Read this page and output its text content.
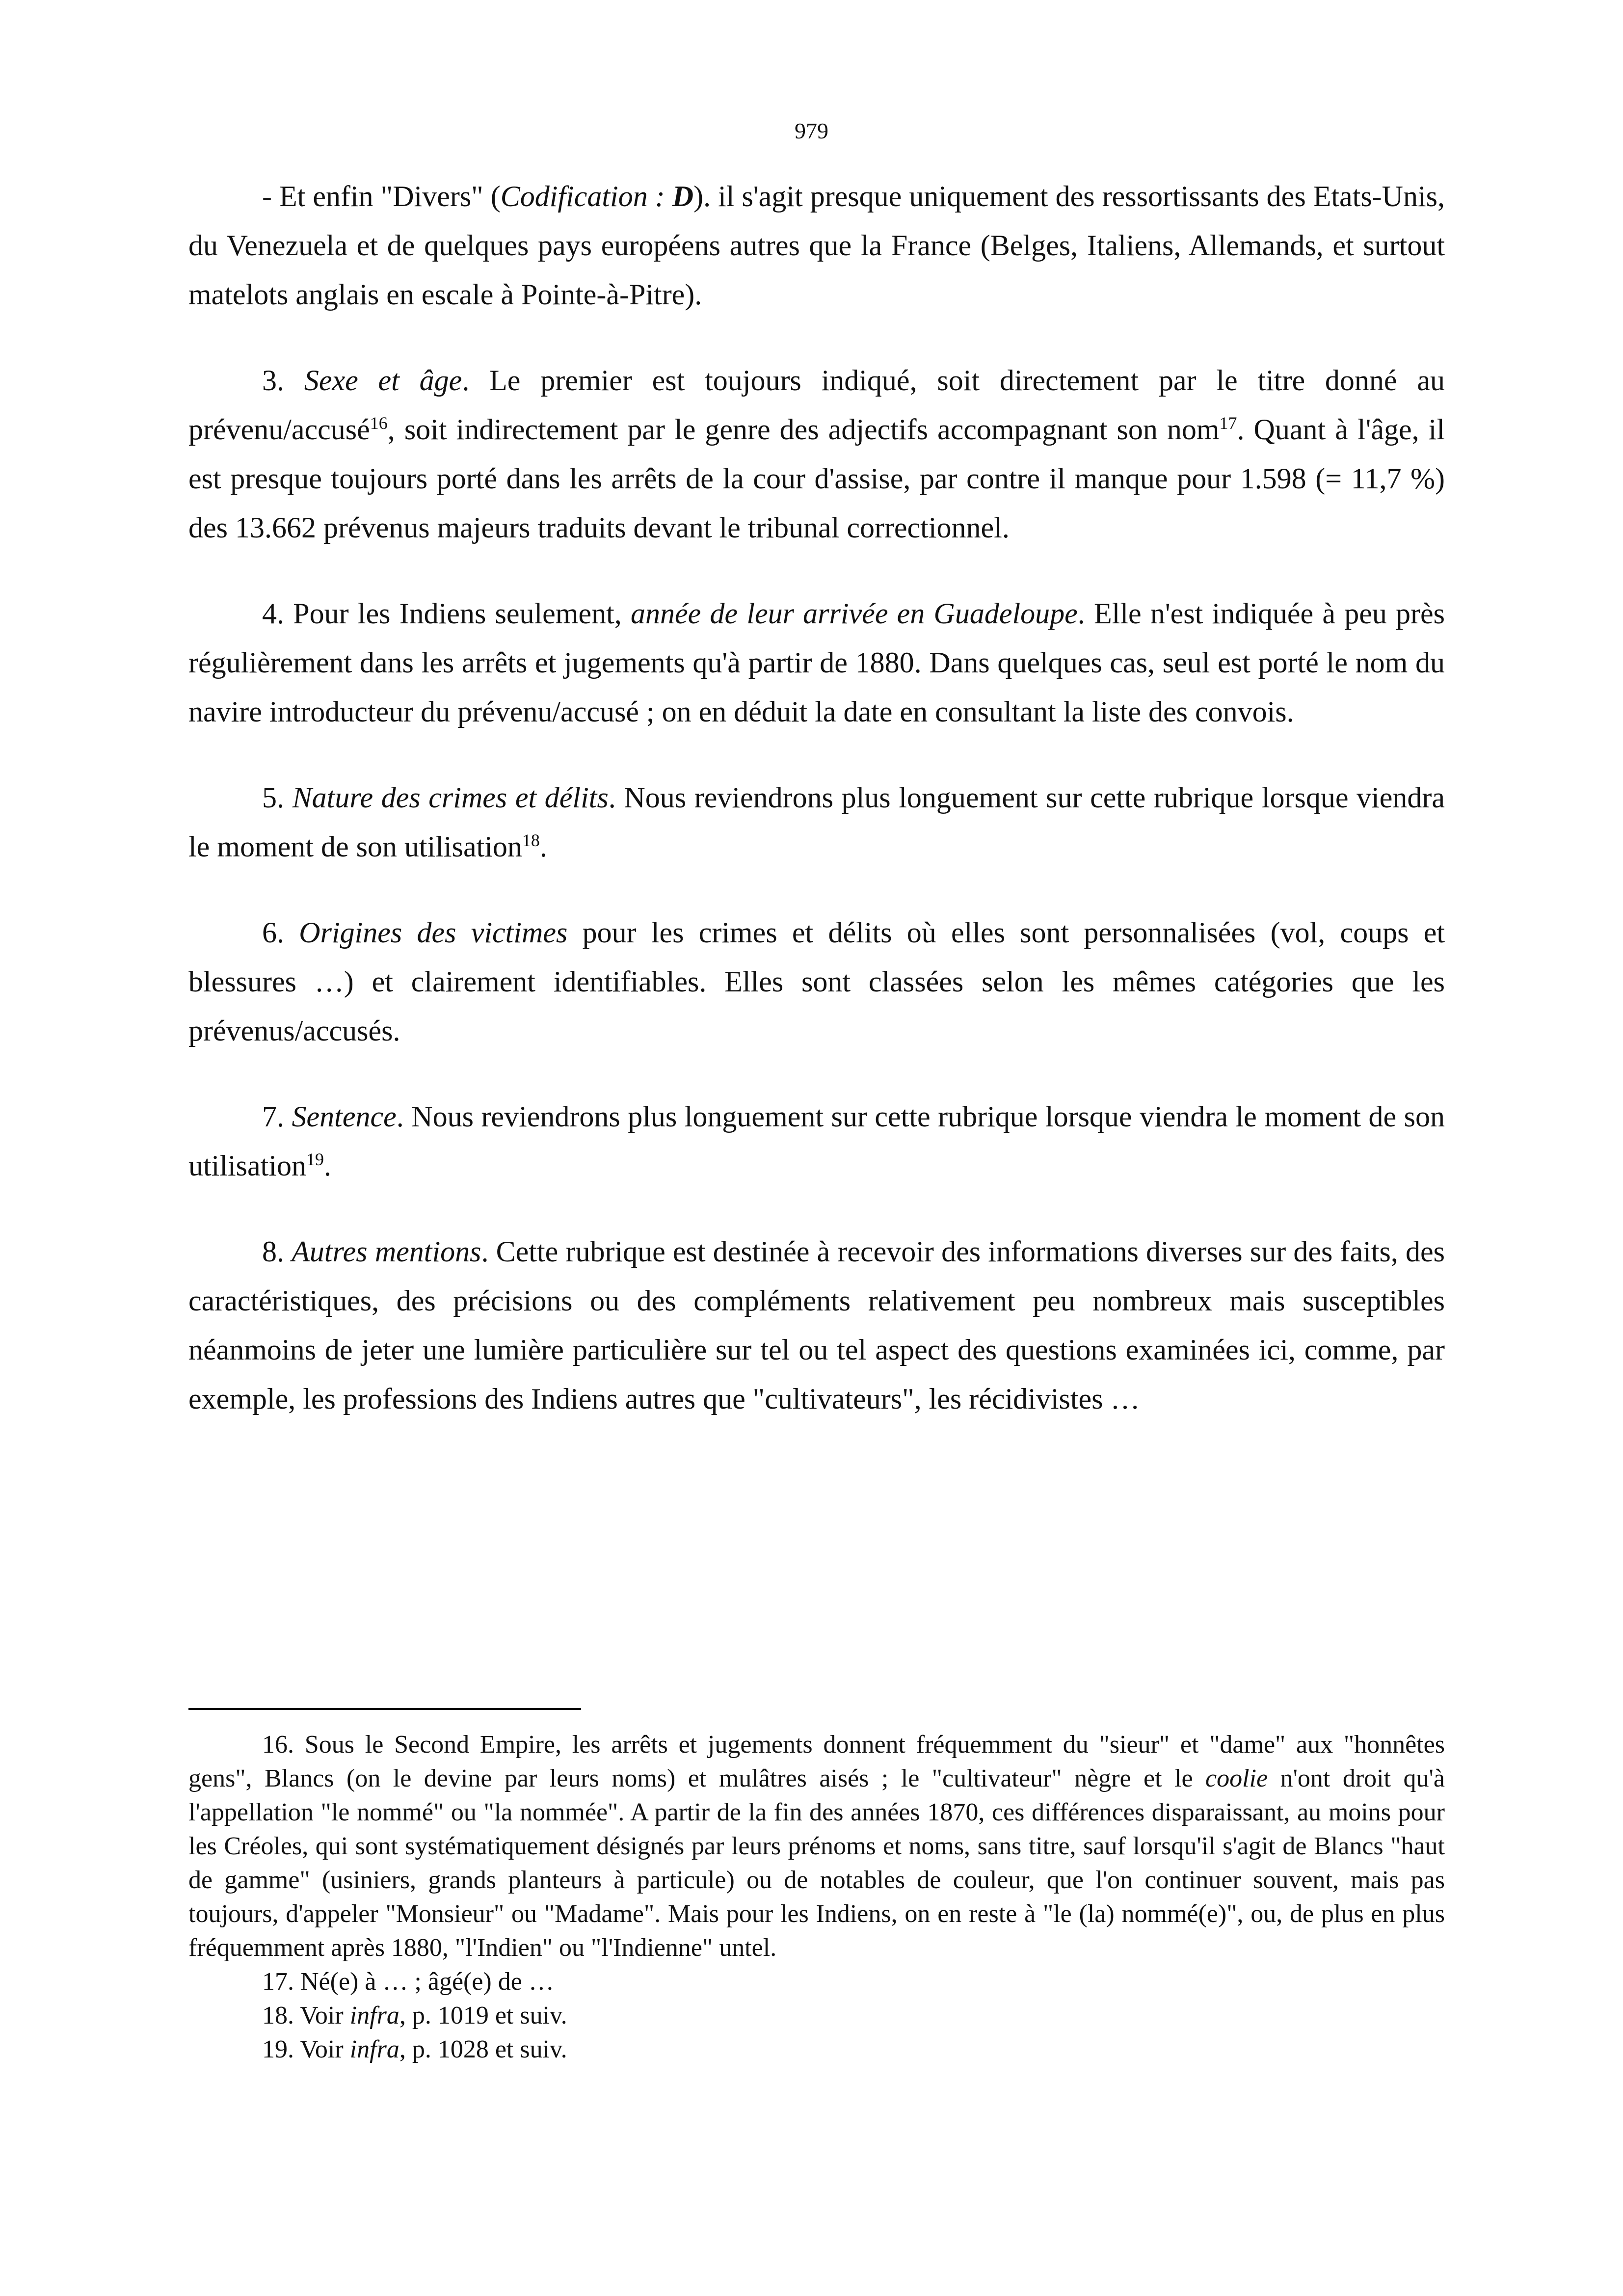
979

- Et enfin "Divers" (Codification : D). il s'agit presque uniquement des ressortissants des Etats-Unis, du Venezuela et de quelques pays européens autres que la France (Belges, Italiens, Allemands, et surtout matelots anglais en escale à Pointe-à-Pitre).

3. Sexe et âge. Le premier est toujours indiqué, soit directement par le titre donné au prévenu/accusé$^{16}$, soit indirectement par le genre des adjectifs accompagnant son nom$^{17}$. Quant à l'âge, il est presque toujours porté dans les arrêts de la cour d'assise, par contre il manque pour 1.598 (= 11,7 %) des 13.662 prévenus majeurs traduits devant le tribunal correctionnel.

4. Pour les Indiens seulement, année de leur arrivée en Guadeloupe. Elle n'est indiquée à peu près régulièrement dans les arrêts et jugements qu'à partir de 1880. Dans quelques cas, seul est porté le nom du navire introducteur du prévenu/accusé ; on en déduit la date en consultant la liste des convois.

5. Nature des crimes et délits. Nous reviendrons plus longuement sur cette rubrique lorsque viendra le moment de son utilisation$^{18}$.

6. Origines des victimes pour les crimes et délits où elles sont personnalisées (vol, coups et blessures …) et clairement identifiables. Elles sont classées selon les mêmes catégories que les prévenus/accusés.

7. Sentence. Nous reviendrons plus longuement sur cette rubrique lorsque viendra le moment de son utilisation$^{19}$.

8. Autres mentions. Cette rubrique est destinée à recevoir des informations diverses sur des faits, des caractéristiques, des précisions ou des compléments relativement peu nombreux mais susceptibles néanmoins de jeter une lumière particulière sur tel ou tel aspect des questions examinées ici, comme, par exemple, les professions des Indiens autres que "cultivateurs", les récidivistes …

16. Sous le Second Empire, les arrêts et jugements donnent fréquemment du "sieur" et "dame" aux "honnêtes gens", Blancs (on le devine par leurs noms) et mulâtres aisés ; le "cultivateur" nègre et le coolie n'ont droit qu'à l'appellation "le nommé" ou "la nommée". A partir de la fin des années 1870, ces différences disparaissant, au moins pour les Créoles, qui sont systématiquement désignés par leurs prénoms et noms, sans titre, sauf lorsqu'il s'agit de Blancs "haut de gamme" (usiniers, grands planteurs à particule) ou de notables de couleur, que l'on continuer souvent, mais pas toujours, d'appeler "Monsieur" ou "Madame". Mais pour les Indiens, on en reste à "le (la) nommé(e)", ou, de plus en plus fréquemment après 1880, "l'Indien" ou "l'Indienne" untel.

17. Né(e) à … ; âgé(e) de …

18. Voir infra, p. 1019 et suiv.

19. Voir infra, p. 1028 et suiv.
